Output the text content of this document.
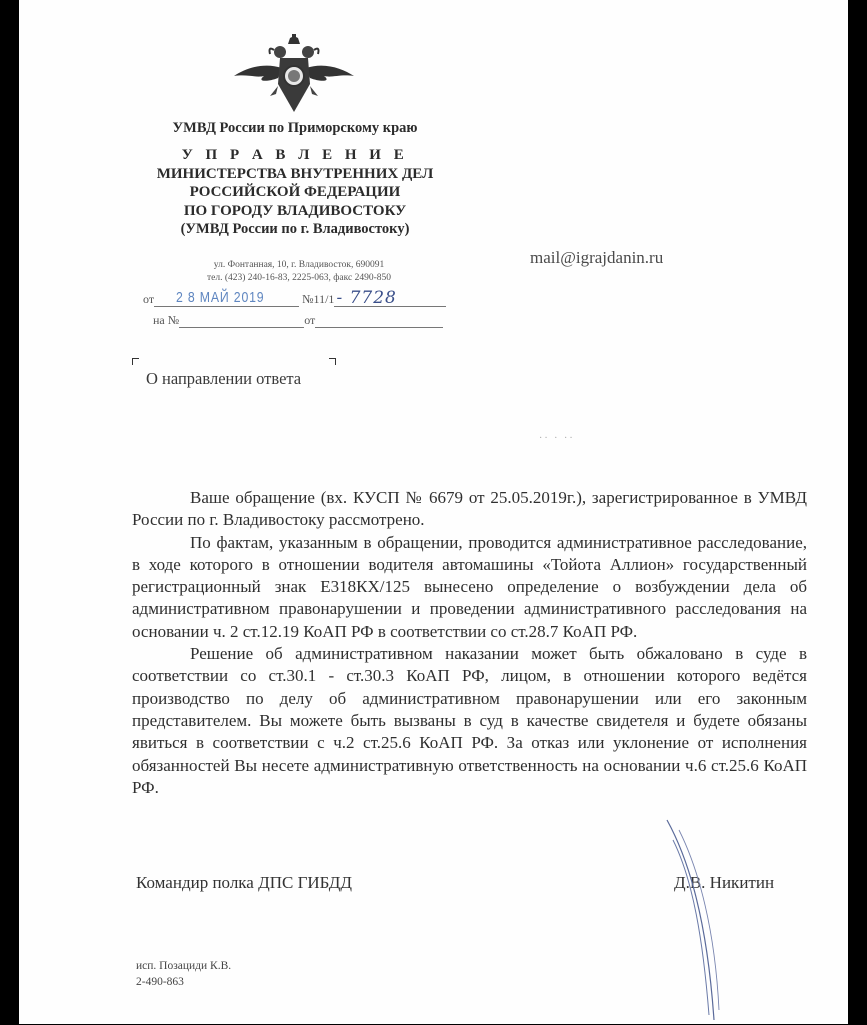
УМВД России по Приморскому краю
У П Р А В Л Е Н И Е
МИНИСТЕРСТВА ВНУТРЕННИХ ДЕЛ
РОССИЙСКОЙ ФЕДЕРАЦИИ
ПО ГОРОДУ ВЛАДИВОСТОКУ
(УМВД России по г. Владивостоку)
ул. Фонтанная, 10, г. Владивосток, 690091
тел. (423) 240-16-83, 2225-063, факс 2490-850
mail@igrajdanin.ru
от 2 8 МАЙ 2019	№11/1 - 7728
на №	от
О направлении ответа
·· · ··

Ваше обращение (вх. КУСП № 6679 от 25.05.2019г.), зарегистрированное в УМВД России по г. Владивостоку рассмотрено.

По фактам, указанным в обращении, проводится административное расследование, в ходе которого в отношении водителя автомашины «Тойота Аллион» государственный регистрационный знак Е318КХ/125 вынесено определение о возбуждении дела об административном правонарушении и проведении административного расследования на основании ч. 2 ст.12.19 КоАП РФ в соответствии со ст.28.7 КоАП РФ.

Решение об административном наказании может быть обжаловано в суде в соответствии со ст.30.1 - ст.30.3 КоАП РФ, лицом, в отношении которого ведётся производство по делу об административном правонарушении или его законным представителем. Вы можете быть вызваны в суд в качестве свидетеля и будете обязаны явиться в соответствии с ч.2 ст.25.6 КоАП РФ. За отказ или уклонение от исполнения обязанностей Вы несете административную ответственность на основании ч.6 ст.25.6 КоАП РФ.

Командир полка ДПС ГИБДД	Д.В. Никитин
исп. Позациди К.В.
2-490-863
